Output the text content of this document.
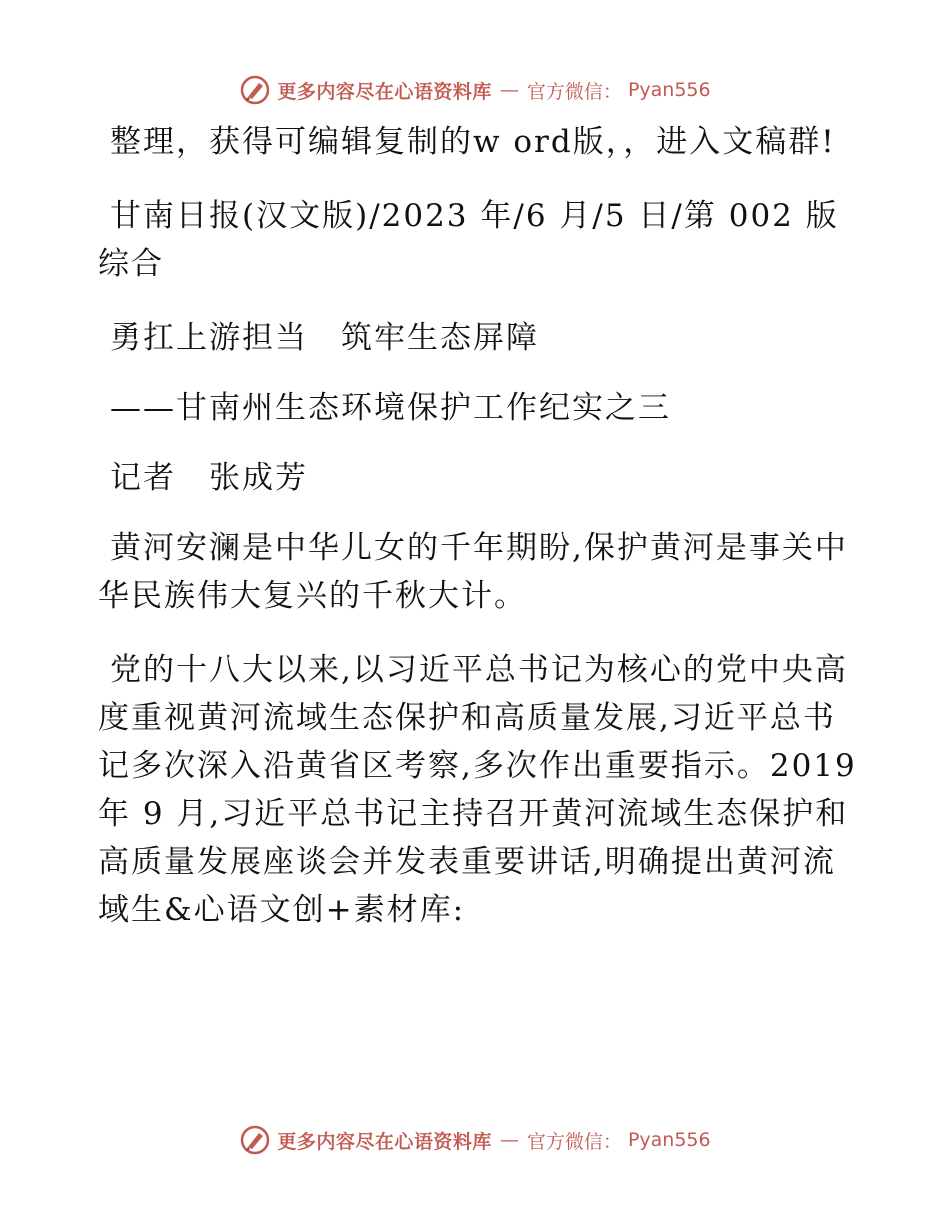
更多内容尽在心语资料库 — 官方微信： Pyan556

整理，获得可编辑复制的w ord版，，进入文稿群!

甘南日报(汉文版)/2023 年/6 月/5 日/第 002 版综合

勇扛上游担当　筑牢生态屏障

——甘南州生态环境保护工作纪实之三

记者　张成芳

黄河安澜是中华儿女的千年期盼,保护黄河是事关中华民族伟大复兴的千秋大计。

党的十八大以来,以习近平总书记为核心的党中央高度重视黄河流域生态保护和高质量发展,习近平总书记多次深入沿黄省区考察,多次作出重要指示。2019 年 9 月,习近平总书记主持召开黄河流域生态保护和高质量发展座谈会并发表重要讲话,明确提出黄河流域生&心语文创+素材库:

更多内容尽在心语资料库 — 官方微信： Pyan556
